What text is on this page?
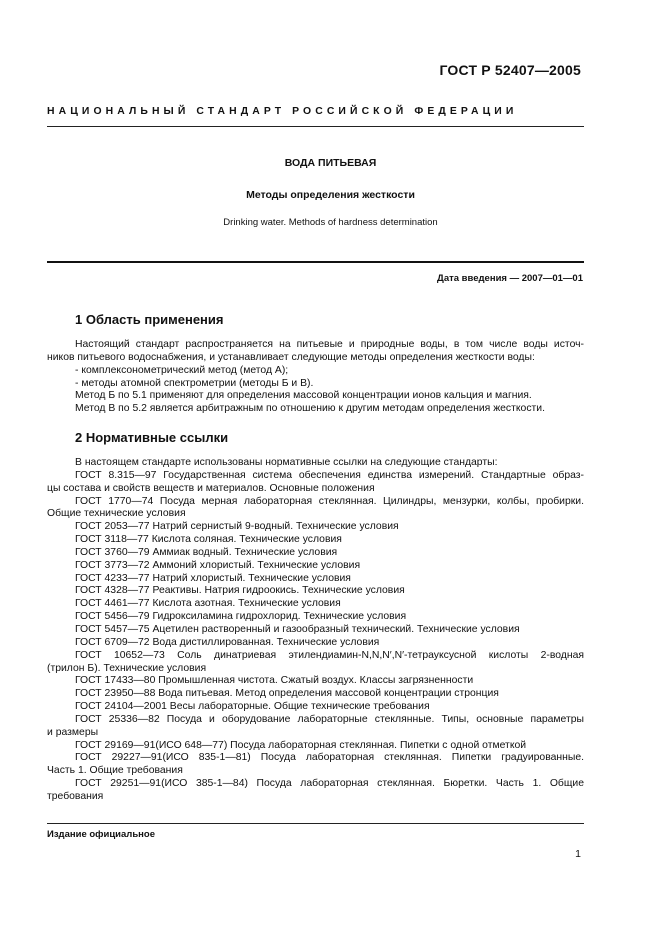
ГОСТ Р 52407—2005
НАЦИОНАЛЬНЫЙ СТАНДАРТ РОССИЙСКОЙ ФЕДЕРАЦИИ
ВОДА ПИТЬЕВАЯ
Методы определения жесткости
Drinking water. Methods of hardness determination
Дата введения — 2007—01—01
1 Область применения

Настоящий стандарт распространяется на питьевые и природные воды, в том числе воды источ-

ников питьевого водоснабжения, и устанавливает следующие методы определения жесткости воды:

- комплексонометрический метод (метод А);

- методы атомной спектрометрии (методы Б и В).

Метод Б по 5.1 применяют для определения массовой концентрации ионов кальция и магния.

Метод В по 5.2 является арбитражным по отношению к другим методам определения жесткости.

2 Нормативные ссылки

В настоящем стандарте использованы нормативные ссылки на следующие стандарты:

ГОСТ 8.315—97 Государственная система обеспечения единства измерений. Стандартные образ-

цы состава и свойств веществ и материалов. Основные положения

ГОСТ 1770—74 Посуда мерная лабораторная стеклянная. Цилиндры, мензурки, колбы, пробирки.

Общие технические условия

ГОСТ 2053—77 Натрий сернистый 9-водный. Технические условия

ГОСТ 3118—77 Кислота соляная. Технические условия

ГОСТ 3760—79 Аммиак водный. Технические условия

ГОСТ 3773—72 Аммоний хлористый. Технические условия

ГОСТ 4233—77 Натрий хлористый. Технические условия

ГОСТ 4328—77 Реактивы. Натрия гидроокись. Технические условия

ГОСТ 4461—77 Кислота азотная. Технические условия

ГОСТ 5456—79 Гидроксиламина гидрохлорид. Технические условия

ГОСТ 5457—75 Ацетилен растворенный и газообразный технический. Технические условия

ГОСТ 6709—72 Вода дистиллированная. Технические условия

ГОСТ 10652—73 Соль динатриевая этилендиамин-N,N,N′,N′-тетрауксусной кислоты 2-водная

(трилон Б). Технические условия

ГОСТ 17433—80 Промышленная чистота. Сжатый воздух. Классы загрязненности

ГОСТ 23950—88 Вода питьевая. Метод определения массовой концентрации стронция

ГОСТ 24104—2001 Весы лабораторные. Общие технические требования

ГОСТ 25336—82 Посуда и оборудование лабораторные стеклянные. Типы, основные параметры

и размеры

ГОСТ 29169—91(ИСО 648—77) Посуда лабораторная стеклянная. Пипетки с одной отметкой

ГОСТ 29227—91(ИСО 835-1—81) Посуда лабораторная стеклянная. Пипетки градуированные.

Часть 1. Общие требования

ГОСТ 29251—91(ИСО 385-1—84) Посуда лабораторная стеклянная. Бюретки. Часть 1. Общие

требования

Издание официальное
1
